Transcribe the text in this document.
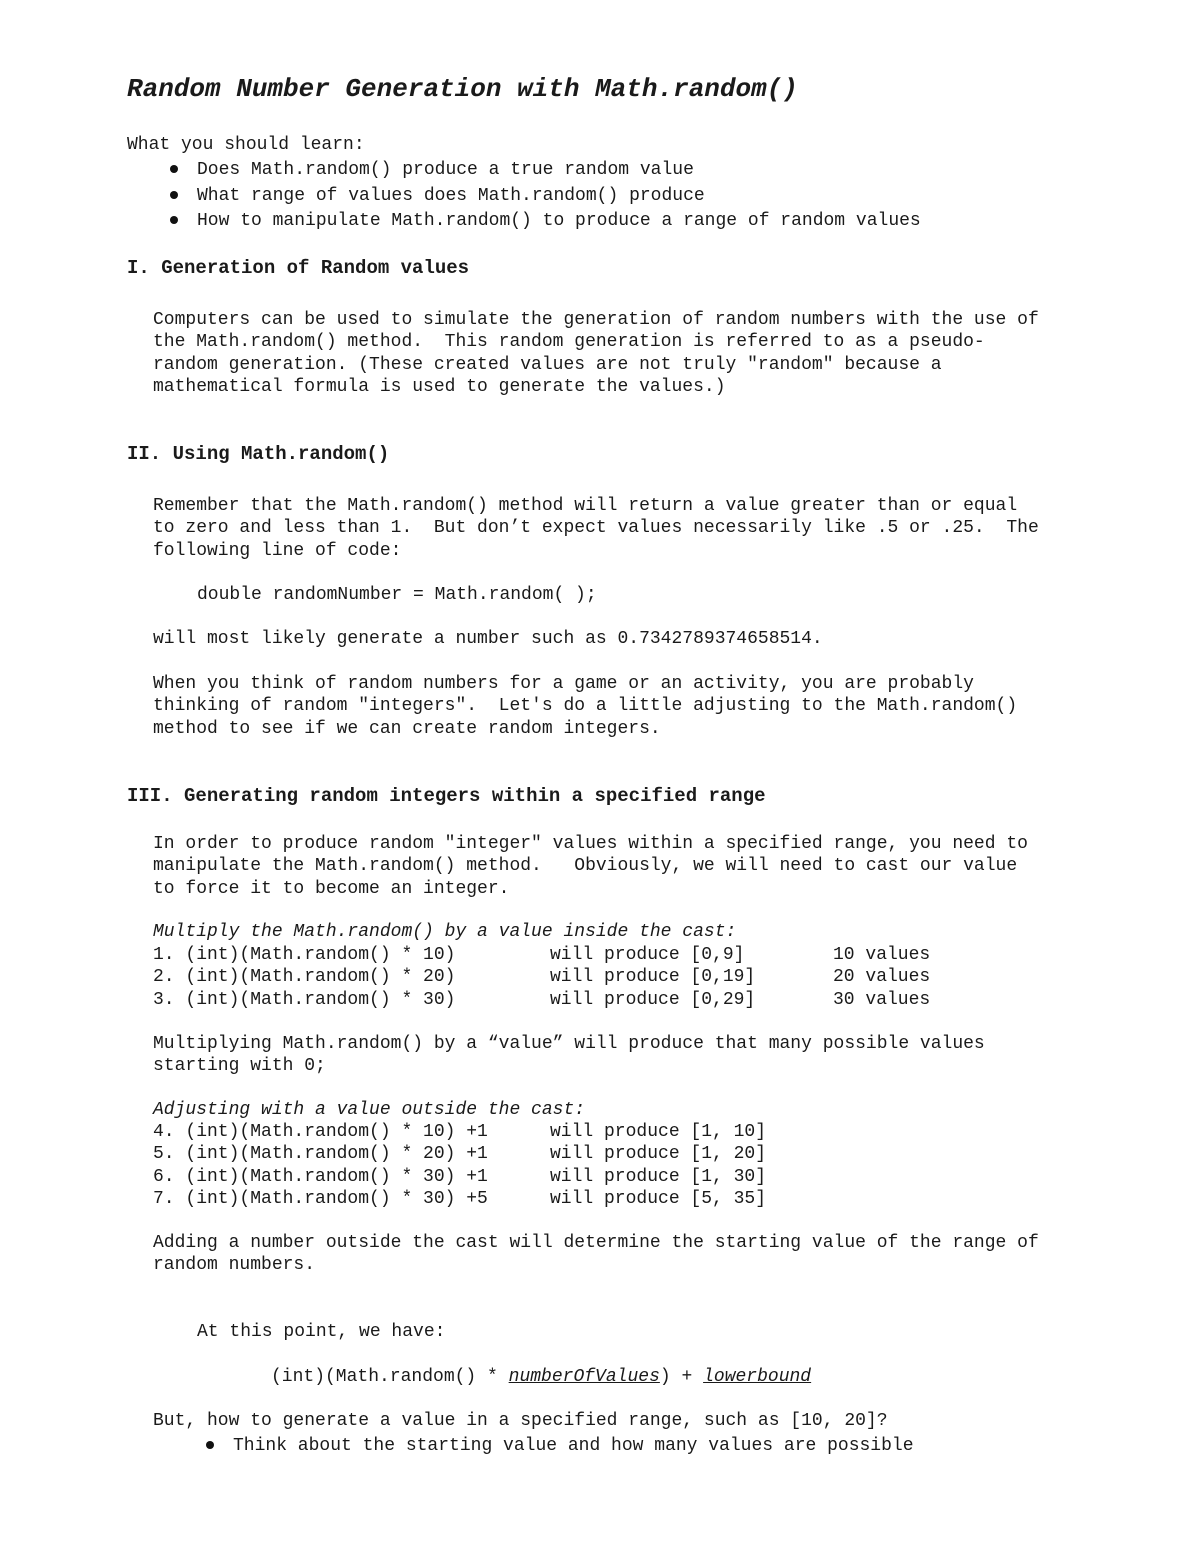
Random Number Generation with Math.random()
What you should learn:
Does Math.random() produce a true random value
What range of values does Math.random() produce
How to manipulate Math.random() to produce a range of random values
I. Generation of Random values
Computers can be used to simulate the generation of random numbers with the use of
the Math.random() method.  This random generation is referred to as a pseudo-
random generation. (These created values are not truly "random" because a
mathematical formula is used to generate the values.)
II. Using Math.random()
Remember that the Math.random() method will return a value greater than or equal
to zero and less than 1.  But don’t expect values necessarily like .5 or .25.  The
following line of code:
double randomNumber = Math.random( );
will most likely generate a number such as 0.7342789374658514.
When you think of random numbers for a game or an activity, you are probably
thinking of random "integers".  Let's do a little adjusting to the Math.random()
method to see if we can create random integers.
III. Generating random integers within a specified range
In order to produce random "integer" values within a specified range, you need to
manipulate the Math.random() method.   Obviously, we will need to cast our value
to force it to become an integer.
Multiply the Math.random() by a value inside the cast:

1. (int)(Math.random() * 10)

	will produce [0,9]

	10 values

2. (int)(Math.random() * 20)

	will produce [0,19]

	20 values

3. (int)(Math.random() * 30)

	will produce [0,29]

	30 values

Multiplying Math.random() by a “value” will produce that many possible values
starting with 0;
Adjusting with a value outside the cast:

4. (int)(Math.random() * 10) +1

	will produce [1, 10]

5. (int)(Math.random() * 20) +1

	will produce [1, 20]

6. (int)(Math.random() * 30) +1

	will produce [1, 30]

7. (int)(Math.random() * 30) +5

	will produce [5, 35]

Adding a number outside the cast will determine the starting value of the range of
random numbers.
At this point, we have:
(int)(Math.random() * numberOfValues) + lowerbound
But, how to generate a value in a specified range, such as [10, 20]?
Think about the starting value and how many values are possible
